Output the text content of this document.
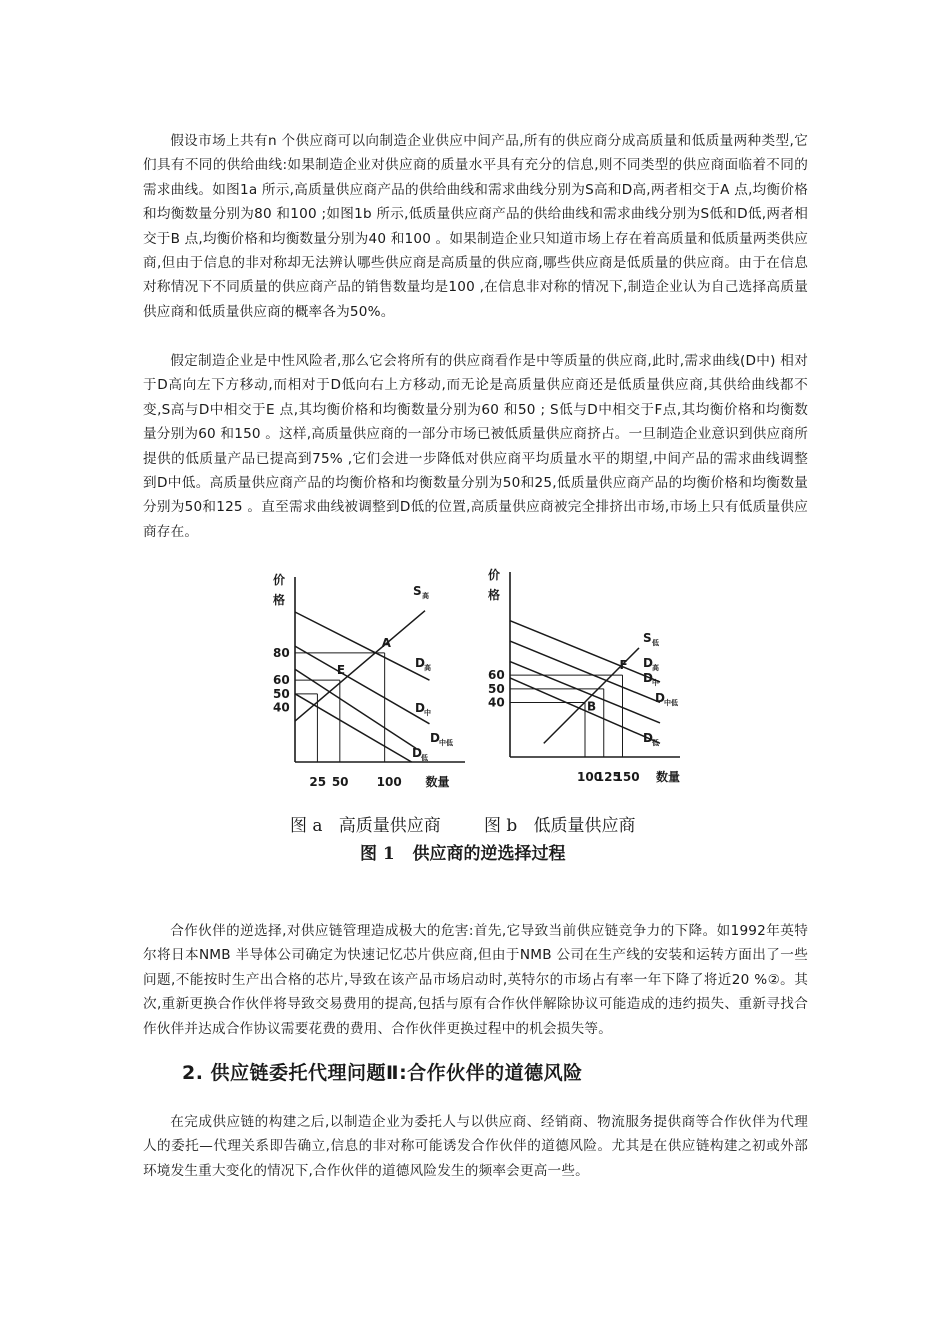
假设市场上共有n 个供应商可以向制造企业供应中间产品,所有的供应商分成高质量和低质量两种类型,它们具有不同的供给曲线:如果制造企业对供应商的质量水平具有充分的信息,则不同类型的供应商面临着不同的需求曲线。如图1a 所示,高质量供应商产品的供给曲线和需求曲线分别为S高和D高,两者相交于A 点,均衡价格和均衡数量分别为80 和100 ;如图1b 所示,低质量供应商产品的供给曲线和需求曲线分别为S低和D低,两者相交于B 点,均衡价格和均衡数量分别为40 和100 。如果制造企业只知道市场上存在着高质量和低质量两类供应商,但由于信息的非对称却无法辨认哪些供应商是高质量的供应商,哪些供应商是低质量的供应商。由于在信息对称情况下不同质量的供应商产品的销售数量均是100 ,在信息非对称的情况下,制造企业认为自己选择高质量供应商和低质量供应商的概率各为50%。

假定制造企业是中性风险者,那么它会将所有的供应商看作是中等质量的供应商,此时,需求曲线(D中) 相对于D高向左下方移动,而相对于D低向右上方移动,而无论是高质量供应商还是低质量供应商,其供给曲线都不变,S高与D中相交于E 点,其均衡价格和均衡数量分别为60 和50 ; S低与D中相交于F点,其均衡价格和均衡数量分别为60 和150 。这样,高质量供应商的一部分市场已被低质量供应商挤占。一旦制造企业意识到供应商所提供的低质量产品已提高到75% ,它们会进一步降低对供应商平均质量水平的期望,中间产品的需求曲线调整到D中低。高质量供应商产品的均衡价格和均衡数量分别为50和25,低质量供应商产品的均衡价格和均衡数量分别为50和125 。直至需求曲线被调整到D低的位置,高质量供应商被完全排挤出市场,市场上只有低质量供应商存在。

价
格
80
60
50
40
25 50 100 数量
S 高
D 高
D 中
D 中低
D 低
A
E
价
格
60
50
40
100
125
150 数量
S 低
D 高
D 中
D 中低
D 低
F
B
图 a   高质量供应商        图 b   低质量供应商
图 1   供应商的逆选择过程

合作伙伴的逆选择,对供应链管理造成极大的危害:首先,它导致当前供应链竞争力的下降。如1992年英特尔将日本NMB 半导体公司确定为快速记忆芯片供应商,但由于NMB 公司在生产线的安装和运转方面出了一些问题,不能按时生产出合格的芯片,导致在该产品市场启动时,英特尔的市场占有率一年下降了将近20 %②。其次,重新更换合作伙伴将导致交易费用的提高,包括与原有合作伙伴解除协议可能造成的违约损失、重新寻找合作伙伴并达成合作协议需要花费的费用、合作伙伴更换过程中的机会损失等。

2. 供应链委托代理问题Ⅱ:合作伙伴的道德风险

在完成供应链的构建之后,以制造企业为委托人与以供应商、经销商、物流服务提供商等合作伙伴为代理人的委托—代理关系即告确立,信息的非对称可能诱发合作伙伴的道德风险。尤其是在供应链构建之初或外部环境发生重大变化的情况下,合作伙伴的道德风险发生的频率会更高一些。
